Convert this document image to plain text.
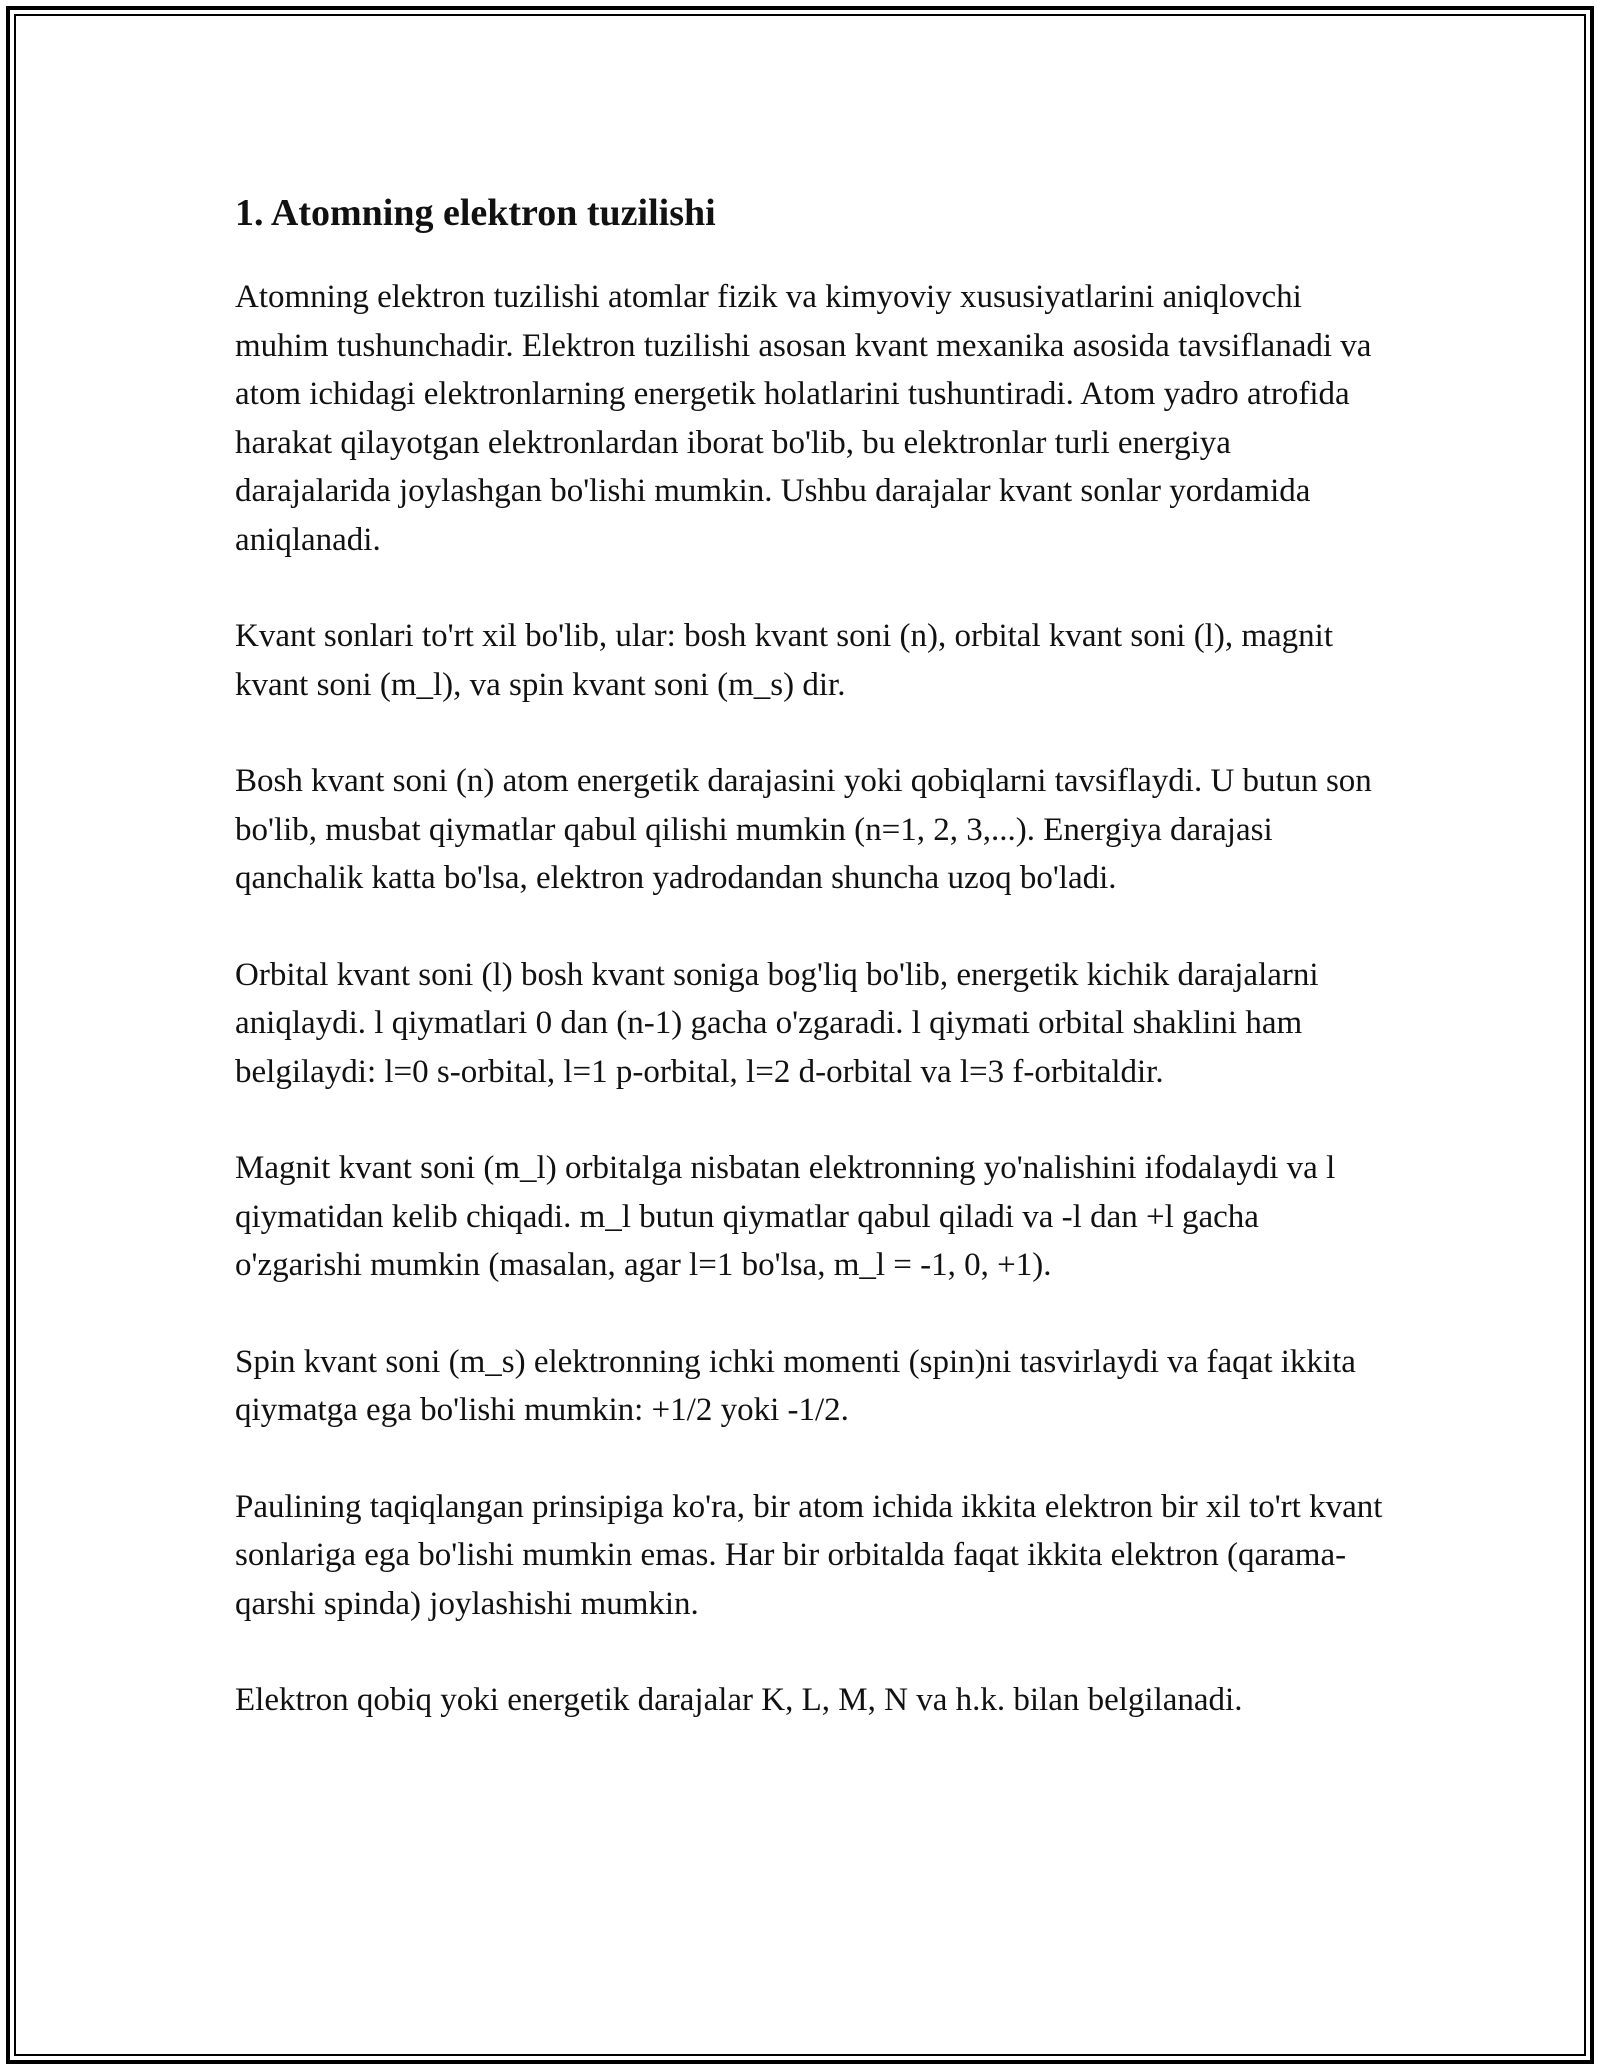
1. Atomning elektron tuzilishi

Atomning elektron tuzilishi atomlar fizik va kimyoviy xususiyatlarini aniqlovchi muhim tushunchadir. Elektron tuzilishi asosan kvant mexanika asosida tavsiflanadi va atom ichidagi elektronlarning energetik holatlarini tushuntiradi. Atom yadro atrofida harakat qilayotgan elektronlardan iborat bo'lib, bu elektronlar turli energiya darajalarida joylashgan bo'lishi mumkin. Ushbu darajalar kvant sonlar yordamida aniqlanadi.

Kvant sonlari to'rt xil bo'lib, ular: bosh kvant soni (n), orbital kvant soni (l), magnit kvant soni (m_l), va spin kvant soni (m_s) dir.

Bosh kvant soni (n) atom energetik darajasini yoki qobiqlarni tavsiflaydi. U butun son bo'lib, musbat qiymatlar qabul qilishi mumkin (n=1, 2, 3,...). Energiya darajasi qanchalik katta bo'lsa, elektron yadrodandan shuncha uzoq bo'ladi.

Orbital kvant soni (l) bosh kvant soniga bog'liq bo'lib, energetik kichik darajalarni aniqlaydi. l qiymatlari 0 dan (n-1) gacha o'zgaradi. l qiymati orbital shaklini ham belgilaydi: l=0 s-orbital, l=1 p-orbital, l=2 d-orbital va l=3 f-orbitaldir.

Magnit kvant soni (m_l) orbitalga nisbatan elektronning yo'nalishini ifodalaydi va l qiymatidan kelib chiqadi. m_l butun qiymatlar qabul qiladi va -l dan +l gacha o'zgarishi mumkin (masalan, agar l=1 bo'lsa, m_l = -1, 0, +1).

Spin kvant soni (m_s) elektronning ichki momenti (spin)ni tasvirlaydi va faqat ikkita qiymatga ega bo'lishi mumkin: +1/2 yoki -1/2.

Paulining taqiqlangan prinsipiga ko'ra, bir atom ichida ikkita elektron bir xil to'rt kvant sonlariga ega bo'lishi mumkin emas. Har bir orbitalda faqat ikkita elektron (qarama-qarshi spinda) joylashishi mumkin.

Elektron qobiq yoki energetik darajalar K, L, M, N va h.k. bilan belgilanadi.
